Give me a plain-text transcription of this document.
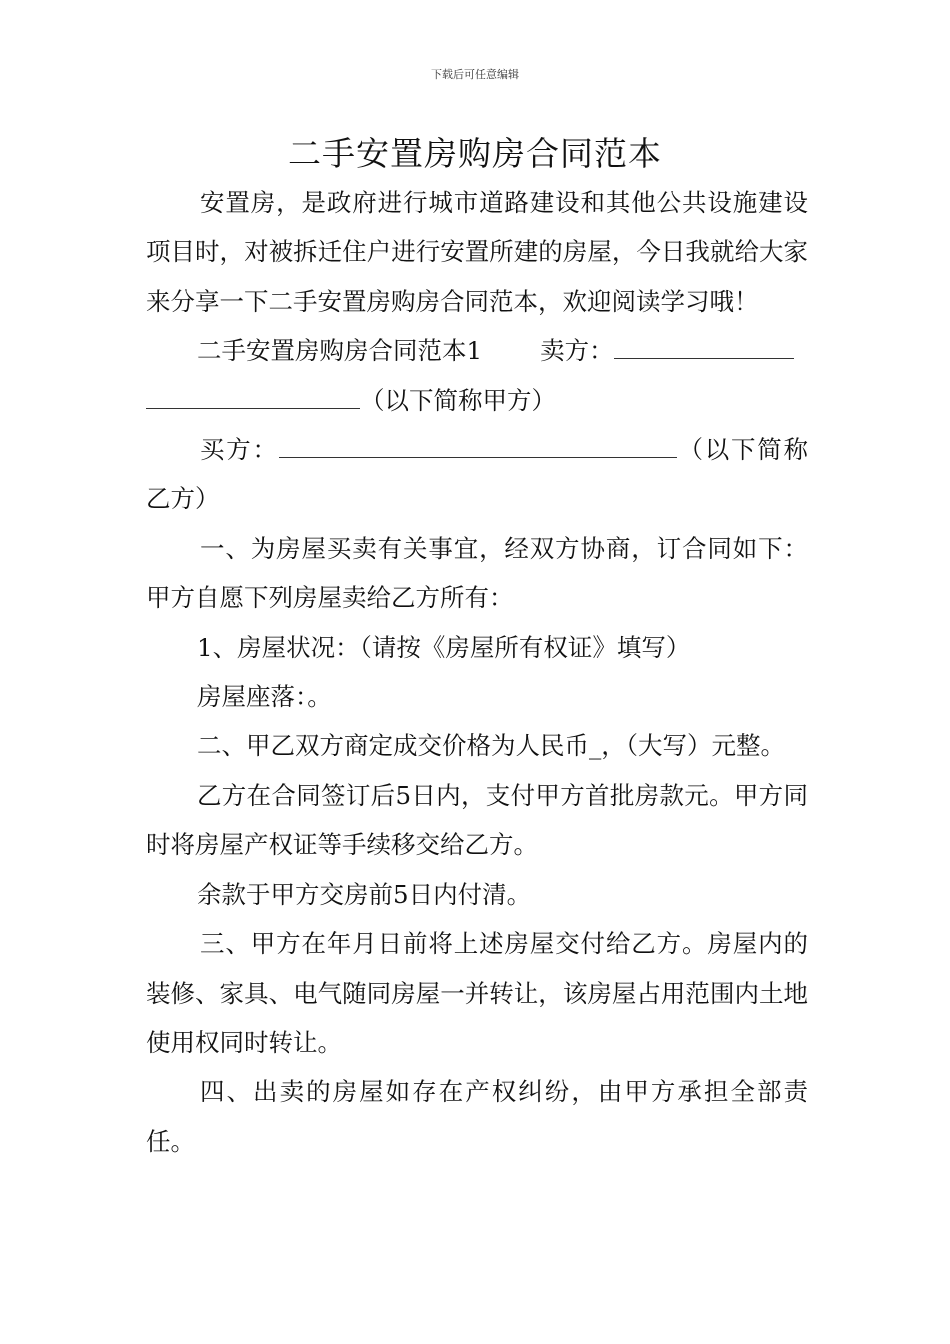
下载后可任意编辑
二手安置房购房合同范本

安置房，是政府进行城市道路建设和其他公共设施建设项目时，对被拆迁住户进行安置所建的房屋，今日我就给大家来分享一下二手安置房购房合同范本，欢迎阅读学习哦！

二手安置房购房合同范本1 卖方：
（以下简称甲方）

买方：	（以下简称乙方）

一、为房屋买卖有关事宜，经双方协商，订合同如下：甲方自愿下列房屋卖给乙方所有：

1、房屋状况：（请按《房屋所有权证》填写）

房屋座落：。

二、甲乙双方商定成交价格为人民币_，（大写）元整。

乙方在合同签订后5日内，支付甲方首批房款元。甲方同时将房屋产权证等手续移交给乙方。

余款于甲方交房前5日内付清。

三、甲方在年月日前将上述房屋交付给乙方。房屋内的装修、家具、电气随同房屋一并转让，该房屋占用范围内土地使用权同时转让。

四、出卖的房屋如存在产权纠纷，由甲方承担全部责任。
